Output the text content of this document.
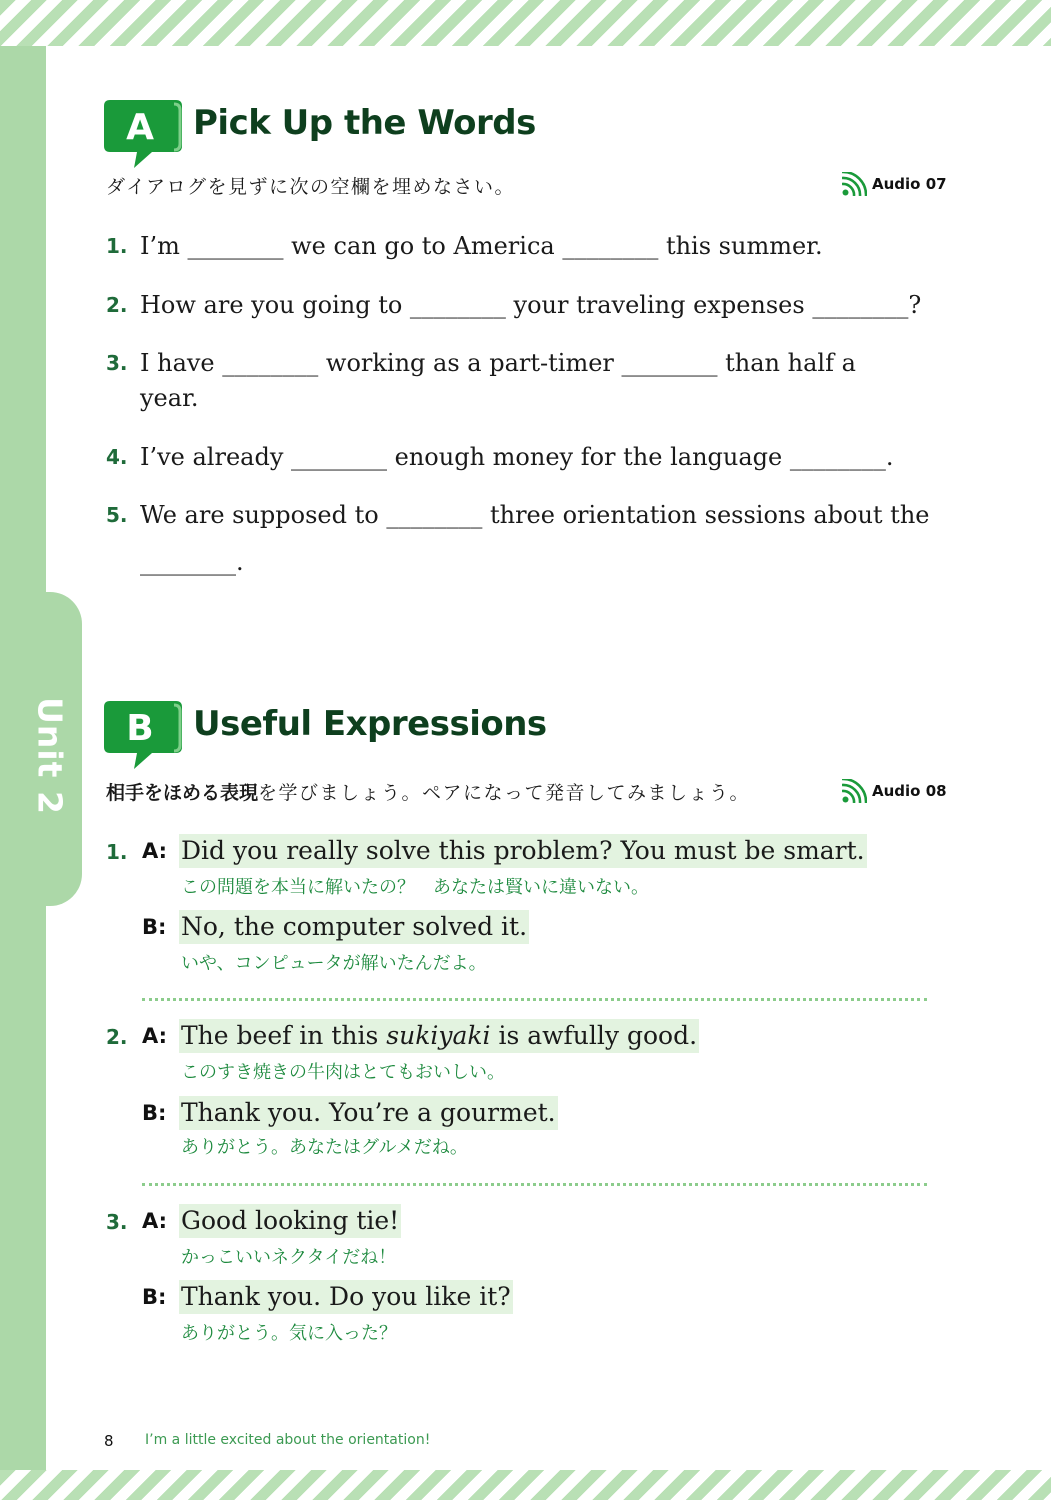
Unit 2
A Pick Up the Words
ダイアログを見ずに次の空欄を埋めなさい。	Audio 07
1. I’m ________ we can go to America ________ this summer.
2. How are you going to ________ your traveling expenses ________?
3. I have ________ working as a part-timer ________ than half a year.
4. I’ve already ________ enough money for the language ________.
5. We are supposed to ________ three orientation sessions about the
________.
B Useful Expressions
相手をほめる表現を学びましょう。ペアになって発音してみましょう。	Audio 08
1. A: Did you really solve this problem? You must be smart.
この問題を本当に解いたの？　あなたは賢いに違いない。
B: No, the computer solved it.
いや、コンピュータが解いたんだよ。
2. A: The beef in this sukiyaki is awfully good.
このすき焼きの牛肉はとてもおいしい。
B: Thank you. You’re a gourmet.
ありがとう。あなたはグルメだね。
3. A: Good looking tie!
かっこいいネクタイだね！
B: Thank you. Do you like it?
ありがとう。気に入った？
8 I’m a little excited about the orientation!
